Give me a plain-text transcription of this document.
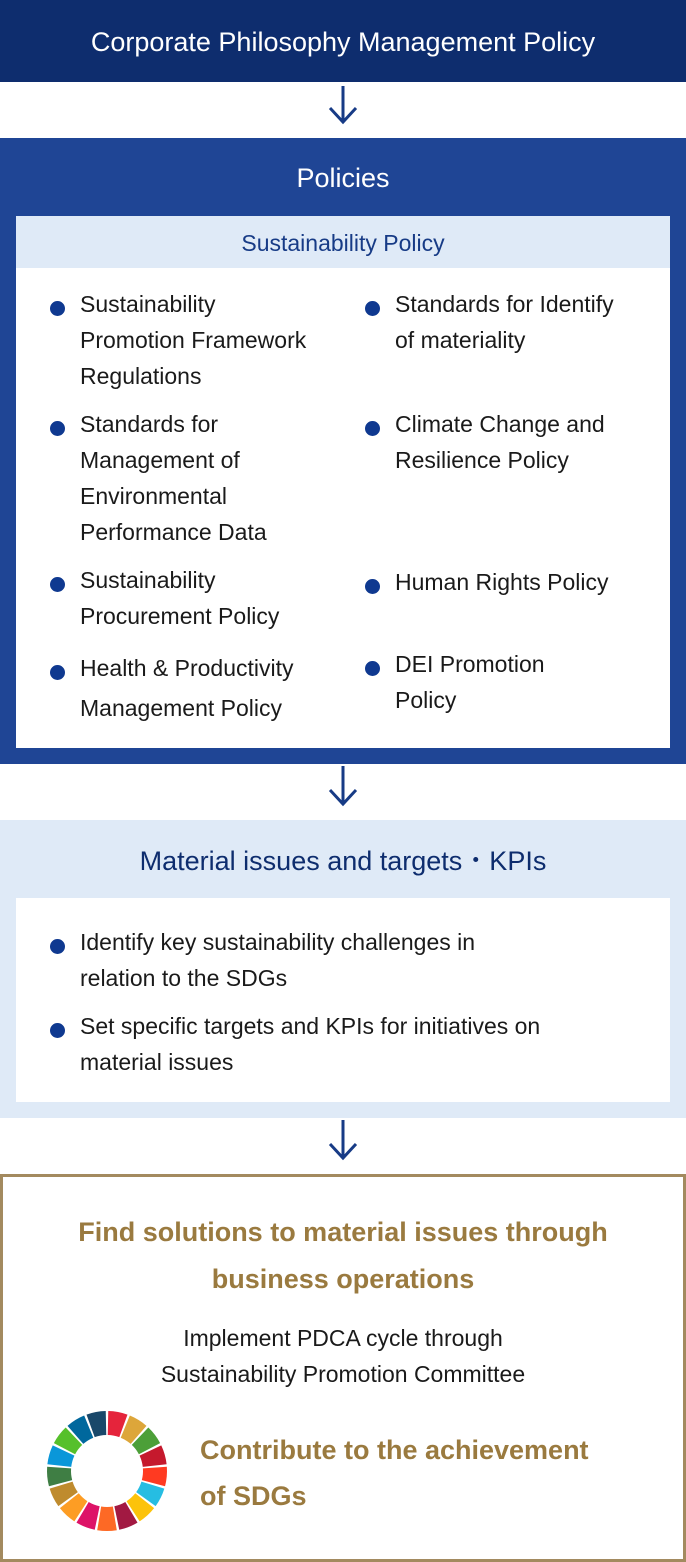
Corporate Philosophy Management Policy
Policies
Sustainability Policy
Sustainability
Promotion Framework
Regulations
Standards for Identify
of materiality
Standards for
Management of
Environmental
Performance Data
Climate Change and
Resilience Policy
Sustainability
Procurement Policy
Human Rights Policy
Health & Productivity
Management Policy
DEI Promotion
Policy
Material issues and targets・KPIs
Identify key sustainability challenges in
relation to the SDGs
Set specific targets and KPIs for initiatives on
material issues
Find solutions to material issues through
business operations
Implement PDCA cycle through
Sustainability Promotion Committee
Contribute to the achievement
of SDGs
